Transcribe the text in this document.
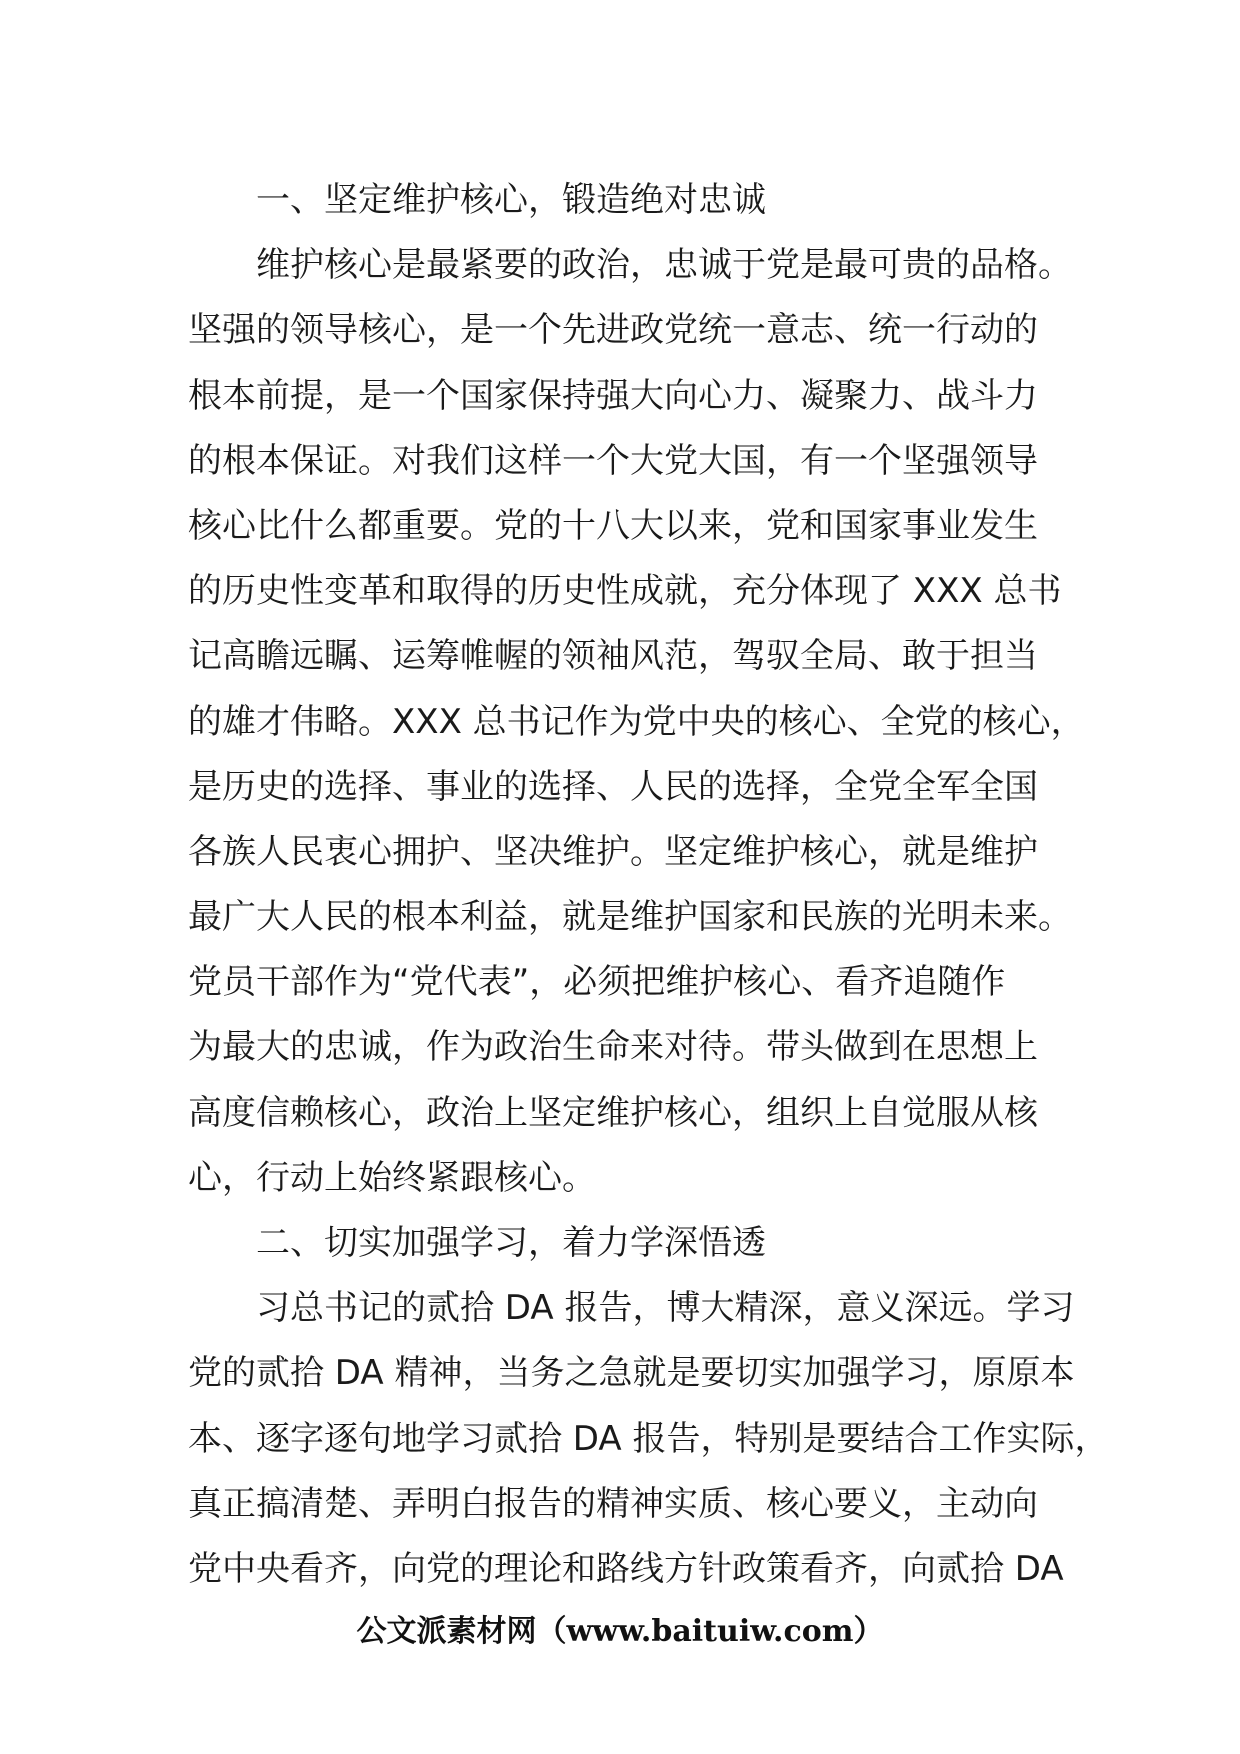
一、坚定维护核心，锻造绝对忠诚
维护核心是最紧要的政治，忠诚于党是最可贵的品格。
坚强的领导核心，是一个先进政党统一意志、统一行动的
根本前提，是一个国家保持强大向心力、凝聚力、战斗力
的根本保证。对我们这样一个大党大国，有一个坚强领导
核心比什么都重要。党的十八大以来，党和国家事业发生
的历史性变革和取得的历史性成就，充分体现了 XXX 总书
记高瞻远瞩、运筹帷幄的领袖风范，驾驭全局、敢于担当
的雄才伟略。XXX 总书记作为党中央的核心、全党的核心，
是历史的选择、事业的选择、人民的选择，全党全军全国
各族人民衷心拥护、坚决维护。坚定维护核心，就是维护
最广大人民的根本利益，就是维护国家和民族的光明未来。
党员干部作为“党代表”，必须把维护核心、看齐追随作
为最大的忠诚，作为政治生命来对待。带头做到在思想上
高度信赖核心，政治上坚定维护核心，组织上自觉服从核
心，行动上始终紧跟核心。
二、切实加强学习，着力学深悟透
习总书记的贰拾 DA 报告，博大精深，意义深远。学习
党的贰拾 DA 精神，当务之急就是要切实加强学习，原原本
本、逐字逐句地学习贰拾 DA 报告，特别是要结合工作实际，
真正搞清楚、弄明白报告的精神实质、核心要义，主动向
党中央看齐，向党的理论和路线方针政策看齐，向贰拾 DA
公文派素材网（www.baituiw.com）
